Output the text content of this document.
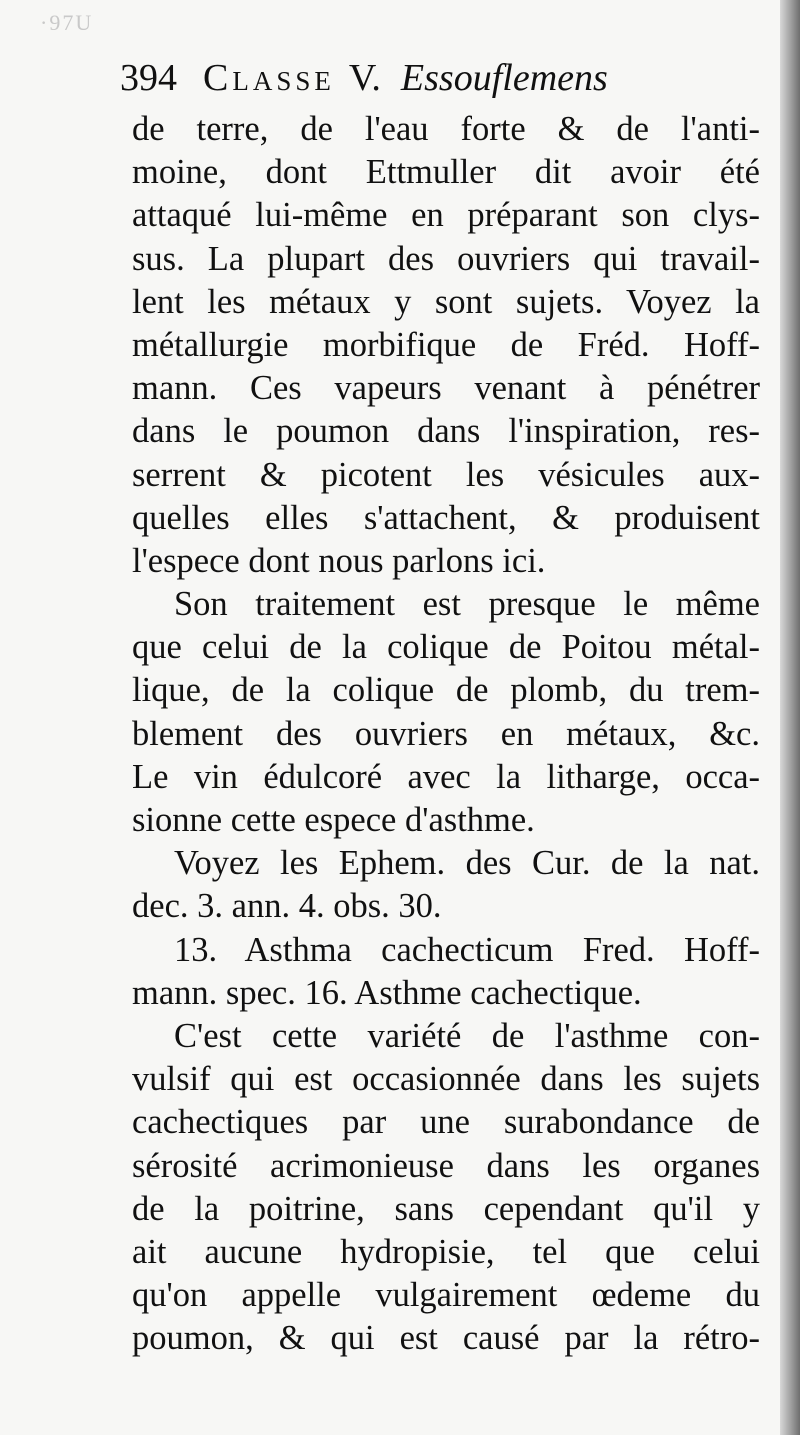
·97U
394 Classe V. Essouflemens
de terre, de l'eau forte & de l'anti-
moine, dont Ettmuller dit avoir été
attaqué lui-même en préparant son clys-
sus. La plupart des ouvriers qui travail-
lent les métaux y sont sujets. Voyez la
métallurgie morbifique de Fréd. Hoff-
mann. Ces vapeurs venant à pénétrer
dans le poumon dans l'inspiration, res-
serrent & picotent les vésicules aux-
quelles elles s'attachent, & produisent
l'espece dont nous parlons ici.
Son traitement est presque le même
que celui de la colique de Poitou métal-
lique, de la colique de plomb, du trem-
blement des ouvriers en métaux, &c.
Le vin édulcoré avec la litharge, occa-
sionne cette espece d'asthme.
Voyez les Ephem. des Cur. de la nat.
dec. 3. ann. 4. obs. 30.
13. Asthma cachecticum Fred. Hoff-
mann. spec. 16. Asthme cachectique.
C'est cette variété de l'asthme con-
vulsif qui est occasionnée dans les sujets
cachectiques par une surabondance de
sérosité acrimonieuse dans les organes
de la poitrine, sans cependant qu'il y
ait aucune hydropisie, tel que celui
qu'on appelle vulgairement œdeme du
poumon, & qui est causé par la rétro-
